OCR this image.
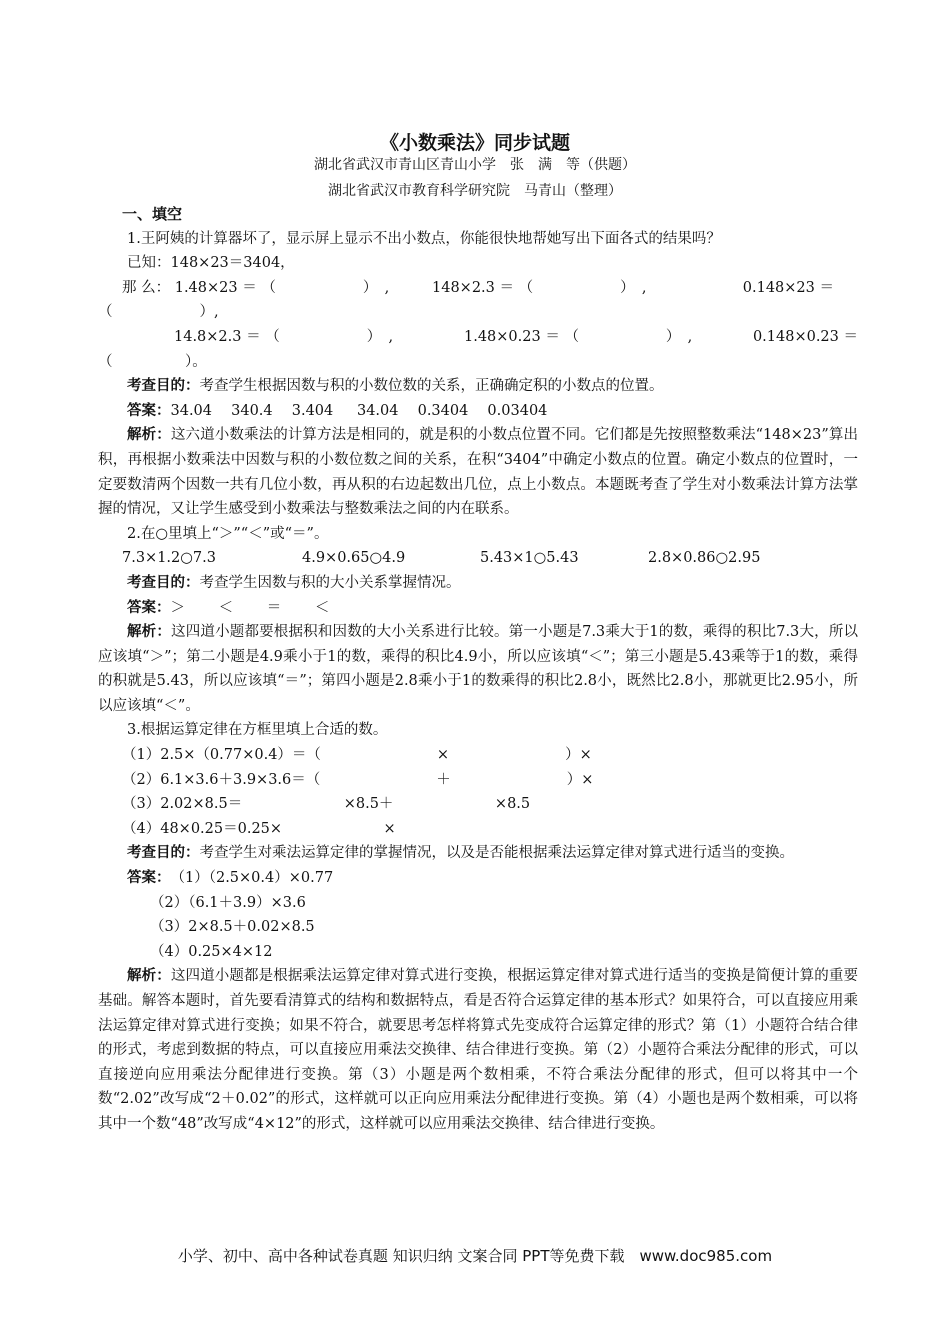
《小数乘法》同步试题
湖北省武汉市青山区青山小学　张　满　等（供题）
湖北省武汉市教育科学研究院　马青山（整理）

一、填空

1.王阿姨的计算器坏了，显示屏上显示不出小数点，你能很快地帮她写出下面各式的结果吗？

已知：148×23＝3404，

那 么： 1.48×23 ＝ （　　　　　　）　,	148×2.3 ＝ （　　　　　　）　,	0.148×23 ＝

（　　　　　　）,

14.8×2.3 ＝ （　　　　　　）　,	1.48×0.23 ＝ （　　　　　　）　,	0.148×0.23 ＝

（　　　　　）。

考查目的：考查学生根据因数与积的小数位数的关系，正确确定积的小数点的位置。

答案：34.04　 340.4 　3.404 　 34.04 　0.3404 　0.03404

解析：这六道小数乘法的计算方法是相同的，就是积的小数点位置不同。它们都是先按照整数乘法“148×23”算出积，再根据小数乘法中因数与积的小数位数之间的关系，在积“3404”中确定小数点的位置。确定小数点的位置时，一定要数清两个因数一共有几位小数，再从积的右边起数出几位，点上小数点。本题既考查了学生对小数乘法计算方法掌握的情况，又让学生感受到小数乘法与整数乘法之间的内在联系。

2.在○里填上“＞”“＜”或“＝”。

7.3×1.2○7.3	4.9×0.65○4.9	5.43×1○5.43	2.8×0.86○2.95

考查目的：考查学生因数与积的大小关系掌握情况。

答案：＞　　 ＜　　 ＝　　 ＜

解析：这四道小题都要根据积和因数的大小关系进行比较。第一小题是7.3乘大于1的数，乘得的积比7.3大，所以应该填“＞”；第二小题是4.9乘小于1的数，乘得的积比4.9小，所以应该填“＜”；第三小题是5.43乘等于1的数，乘得的积就是5.43，所以应该填“＝”；第四小题是2.8乘小于1的数乘得的积比2.8小，既然比2.8小，那就更比2.95小，所以应该填“＜”。

3.根据运算定律在方框里填上合适的数。

（1）2.5×（0.77×0.4）＝（　　　　　　　　×　　　　　　　　）×

（2）6.1×3.6＋3.9×3.6＝（　　　　　　　　＋　　　　　　　　）×

（3）2.02×8.5＝　　　　　　　×8.5＋　　　　　　　×8.5

（4）48×0.25＝0.25×　　　　　　　×

考查目的：考查学生对乘法运算定律的掌握情况，以及是否能根据乘法运算定律对算式进行适当的变换。

答案：　 （1）（2.5×0.4）×0.77

（2）（6.1＋3.9）×3.6

（3）2×8.5＋0.02×8.5

（4）0.25×4×12

解析：这四道小题都是根据乘法运算定律对算式进行变换，根据运算定律对算式进行适当的变换是简便计算的重要基础。解答本题时，首先要看清算式的结构和数据特点，看是否符合运算定律的基本形式？如果符合，可以直接应用乘法运算定律对算式进行变换；如果不符合，就要思考怎样将算式先变成符合运算定律的形式？第（1）小题符合结合律的形式，考虑到数据的特点，可以直接应用乘法交换律、结合律进行变换。第（2）小题符合乘法分配律的形式，可以直接逆向应用乘法分配律进行变换。第（3）小题是两个数相乘，不符合乘法分配律的形式，但可以将其中一个数“2.02”改写成“2＋0.02”的形式，这样就可以正向应用乘法分配律进行变换。第（4）小题也是两个数相乘，可以将其中一个数“48”改写成“4×12”的形式，这样就可以应用乘法交换律、结合律进行变换。

小学、初中、高中各种试卷真题 知识归纳 文案合同 PPT等免费下载　www.doc985.com
